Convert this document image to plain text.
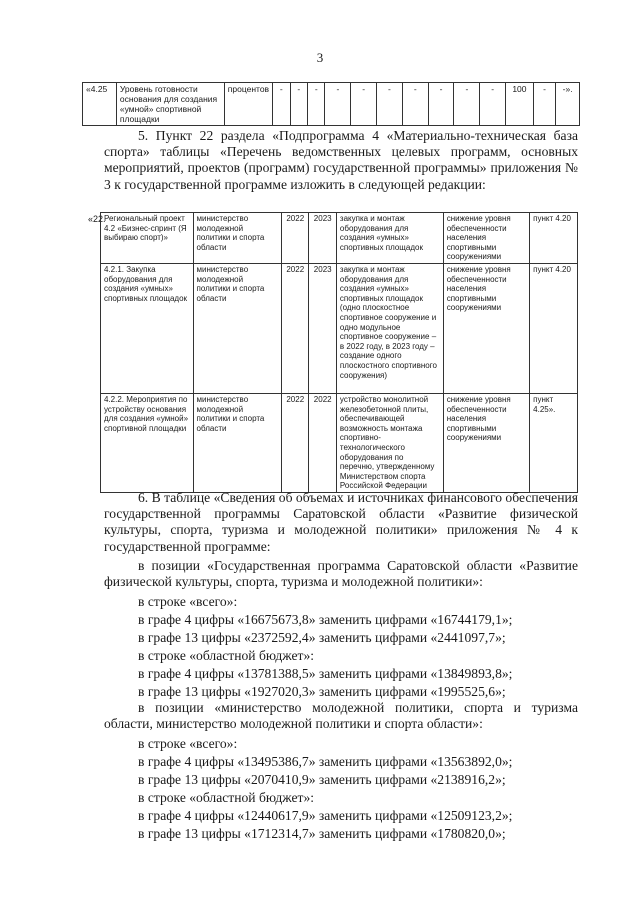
3
«4.25	Уровень готовности основания для создания «умной» спортивной площадки	процентов	-	-	-	-	-	-	-	-	-	-	100	-	-».
5. Пункт 22 раздела «Подпрограмма 4 «Материально-техническая база спорта» таблицы «Перечень ведомственных целевых программ, основных мероприятий, проектов (программ) государственной программы» приложения № 3 к государственной программе изложить в следующей редакции:
«22.
Региональный проект 4.2 «Бизнес-спринт (Я выбираю спорт)»	министерство молодежной политики и спорта области	2022	2023	закупка и монтаж оборудования для создания «умных» спортивных площадок	снижение уровня обеспеченности населения спортивными сооружениями	пункт 4.20
4.2.1. Закупка оборудования для создания «умных» спортивных площадок	министерство молодежной политики и спорта области	2022	2023	закупка и монтаж оборудования для создания «умных» спортивных площадок (одно плоскостное спортивное сооружение и одно модульное спортивное сооружение – в 2022 году, в 2023 году – создание одного плоскостного спортивного сооружения)	снижение уровня обеспеченности населения спортивными сооружениями	пункт 4.20
4.2.2. Мероприятия по устройству основания для создания «умной» спортивной площадки	министерство молодежной политики и спорта области	2022	2022	устройство монолитной железобетонной плиты, обеспечивающей возможность монтажа спортивно-технологического оборудования по перечню, утвержденному Министерством спорта Российской Федерации	снижение уровня обеспеченности населения спортивными сооружениями	пункт 4.25».
6. В таблице «Сведения об объемах и источниках финансового обеспечения государственной программы Саратовской области «Развитие физической культуры, спорта, туризма и молодежной политики» приложения № 4 к государственной программе:
в позиции «Государственная программа Саратовской области «Развитие физической культуры, спорта, туризма и молодежной политики»:
в строке «всего»:
в графе 4 цифры «16675673,8» заменить цифрами «16744179,1»;
в графе 13 цифры «2372592,4» заменить цифрами «2441097,7»;
в строке «областной бюджет»:
в графе 4 цифры «13781388,5» заменить цифрами «13849893,8»;
в графе 13 цифры «1927020,3» заменить цифрами «1995525,6»;
в позиции «министерство молодежной политики, спорта и туризма области, министерство молодежной политики и спорта области»:
в строке «всего»:
в графе 4 цифры «13495386,7» заменить цифрами «13563892,0»;
в графе 13 цифры «2070410,9» заменить цифрами «2138916,2»;
в строке «областной бюджет»:
в графе 4 цифры «12440617,9» заменить цифрами «12509123,2»;
в графе 13 цифры «1712314,7» заменить цифрами «1780820,0»;
